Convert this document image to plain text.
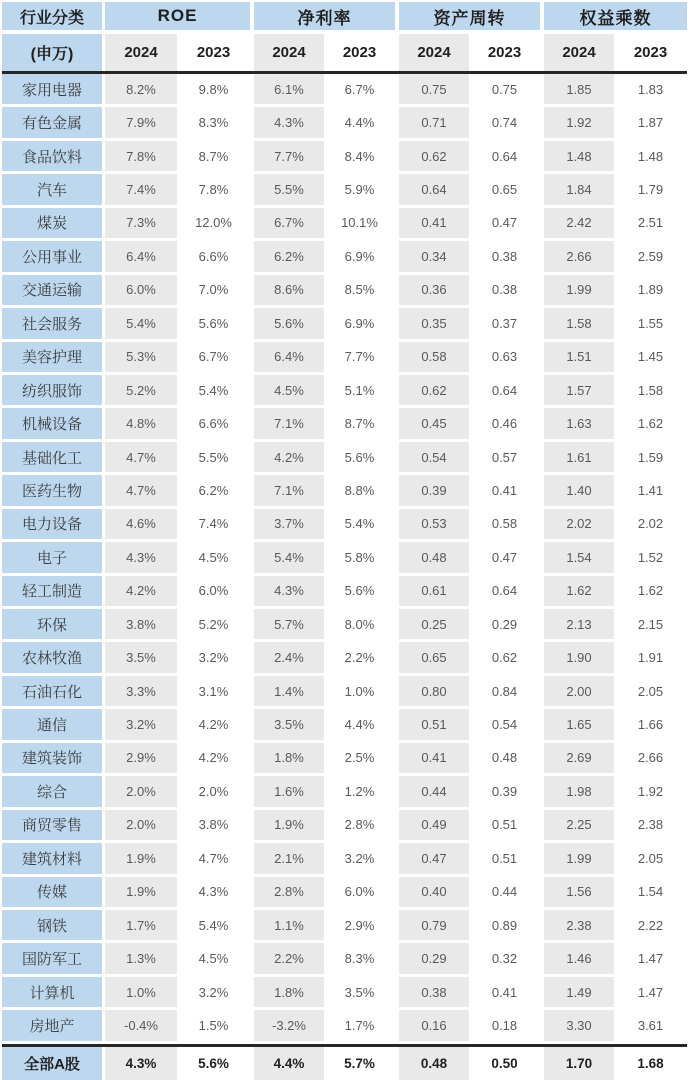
行业分类	ROE	净利率	资产周转	权益乘数
(申万)	2024	2023	2024	2023	2024	2023	2024	2023
家用电器	8.2%	9.8%	6.1%	6.7%	0.75	0.75	1.85	1.83
有色金属	7.9%	8.3%	4.3%	4.4%	0.71	0.74	1.92	1.87
食品饮料	7.8%	8.7%	7.7%	8.4%	0.62	0.64	1.48	1.48
汽车	7.4%	7.8%	5.5%	5.9%	0.64	0.65	1.84	1.79
煤炭	7.3%	12.0%	6.7%	10.1%	0.41	0.47	2.42	2.51
公用事业	6.4%	6.6%	6.2%	6.9%	0.34	0.38	2.66	2.59
交通运输	6.0%	7.0%	8.6%	8.5%	0.36	0.38	1.99	1.89
社会服务	5.4%	5.6%	5.6%	6.9%	0.35	0.37	1.58	1.55
美容护理	5.3%	6.7%	6.4%	7.7%	0.58	0.63	1.51	1.45
纺织服饰	5.2%	5.4%	4.5%	5.1%	0.62	0.64	1.57	1.58
机械设备	4.8%	6.6%	7.1%	8.7%	0.45	0.46	1.63	1.62
基础化工	4.7%	5.5%	4.2%	5.6%	0.54	0.57	1.61	1.59
医药生物	4.7%	6.2%	7.1%	8.8%	0.39	0.41	1.40	1.41
电力设备	4.6%	7.4%	3.7%	5.4%	0.53	0.58	2.02	2.02
电子	4.3%	4.5%	5.4%	5.8%	0.48	0.47	1.54	1.52
轻工制造	4.2%	6.0%	4.3%	5.6%	0.61	0.64	1.62	1.62
环保	3.8%	5.2%	5.7%	8.0%	0.25	0.29	2.13	2.15
农林牧渔	3.5%	3.2%	2.4%	2.2%	0.65	0.62	1.90	1.91
石油石化	3.3%	3.1%	1.4%	1.0%	0.80	0.84	2.00	2.05
通信	3.2%	4.2%	3.5%	4.4%	0.51	0.54	1.65	1.66
建筑装饰	2.9%	4.2%	1.8%	2.5%	0.41	0.48	2.69	2.66
综合	2.0%	2.0%	1.6%	1.2%	0.44	0.39	1.98	1.92
商贸零售	2.0%	3.8%	1.9%	2.8%	0.49	0.51	2.25	2.38
建筑材料	1.9%	4.7%	2.1%	3.2%	0.47	0.51	1.99	2.05
传媒	1.9%	4.3%	2.8%	6.0%	0.40	0.44	1.56	1.54
钢铁	1.7%	5.4%	1.1%	2.9%	0.79	0.89	2.38	2.22
国防军工	1.3%	4.5%	2.2%	8.3%	0.29	0.32	1.46	1.47
计算机	1.0%	3.2%	1.8%	3.5%	0.38	0.41	1.49	1.47
房地产	-0.4%	1.5%	-3.2%	1.7%	0.16	0.18	3.30	3.61
全部A股	4.3%	5.6%	4.4%	5.7%	0.48	0.50	1.70	1.68
